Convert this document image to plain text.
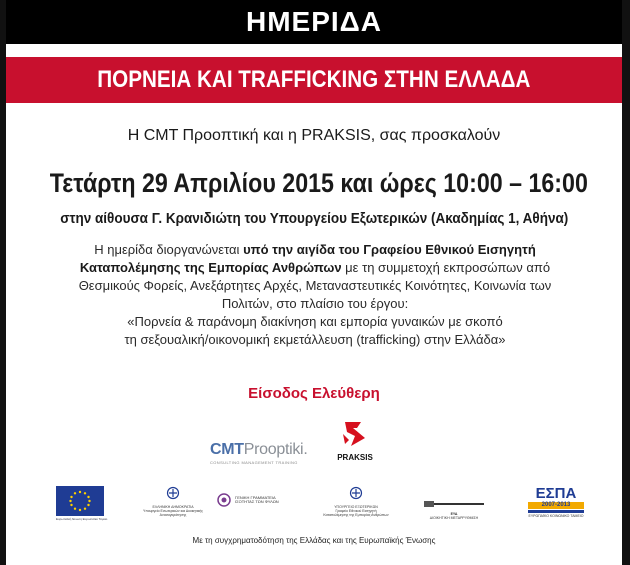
ΗΜΕΡΙΔΑ
ΠΟΡΝΕΙΑ ΚΑΙ TRAFFICKING ΣΤΗΝ ΕΛΛΑΔΑ
Η CMT Προοπτική και η PRAKSIS, σας προσκαλούν
Τετάρτη 29 Απριλίου 2015 και ώρες 10:00 – 16:00
στην αίθουσα Γ. Κρανιδιώτη του Υπουργείου Εξωτερικών (Ακαδημίας 1, Αθήνα)

Η ημερίδα διοργανώνεται υπό την αιγίδα του Γραφείου Εθνικού Εισηγητή

Καταπολέμησης της Εμπορίας Ανθρώπων με τη συμμετοχή εκπροσώπων από

Θεσμικούς Φορείς, Ανεξάρτητες Αρχές, Μεταναστευτικές Κοινότητες, Κοινωνία των

Πολιτών, στο πλαίσιο του έργου:

«Πορνεία & παράνομη διακίνηση και εμπορία γυναικών με σκοπό

τη σεξουαλική/οικονομική εκμετάλλευση (trafficking) στην Ελλάδα»

Είσοδος Ελεύθερη
CMTProoptiki.
CONSULTING MANAGEMENT TRAINING
PRAKSIS
Ευρωπαϊκή Ένωση Ευρωπαϊκό Ταμείο
ΕΛΛΗΝΙΚΗ ΔΗΜΟΚΡΑΤΙΑ
Υπουργείο Εσωτερικών και Διοικητικής Ανασυγκρότησης
ΓΕΝΙΚΗ ΓΡΑΜΜΑΤΕΙΑ
ΙΣΟΤΗΤΑΣ ΤΩΝ ΦΥΛΩΝ
ΥΠΟΥΡΓΕΙΟ ΕΞΩΤΕΡΙΚΩΝ
Γραφείο Εθνικού Εισηγητή
Καταπολέμησης της Εμπορίας Ανθρώπων	ΕΥΔ
ΔΙΟΙΚΗΤΙΚΗ ΜΕΤΑΡΡΥΘΜΙΣΗ
ΕΣΠΑ
2007-2013
ΕΥΡΩΠΑΪΚΟ ΚΟΙΝΩΝΙΚΟ ΤΑΜΕΙΟ
Με τη συγχρηματοδότηση της Ελλάδας και της Ευρωπαϊκής Ένωσης
